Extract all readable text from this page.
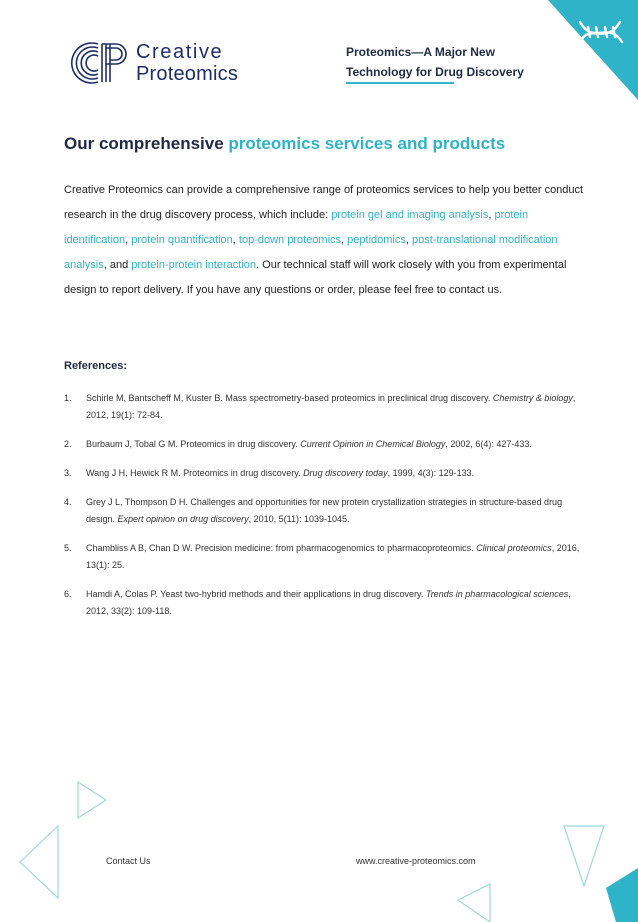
Creative
Proteomics
Proteomics—A Major New Technology for Drug Discovery
Our comprehensive proteomics services and products
Creative Proteomics can provide a comprehensive range of proteomics services to help you better conduct research in the drug discovery process, which include: protein gel and imaging analysis, protein identification, protein quantification, top-down proteomics, peptidomics, post-translational modification analysis, and protein-protein interaction. Our technical staff will work closely with you from experimental design to report delivery. If you have any questions or order, please feel free to contact us.
References:
1. Schirle M, Bantscheff M, Kuster B. Mass spectrometry-based proteomics in preclinical drug discovery. Chemistry & biology, 2012, 19(1): 72-84.
2. Burbaum J, Tobal G M. Proteomics in drug discovery. Current Opinion in Chemical Biology, 2002, 6(4): 427-433.
3. Wang J H, Hewick R M. Proteomics in drug discovery. Drug discovery today, 1999, 4(3): 129-133.
4. Grey J L, Thompson D H. Challenges and opportunities for new protein crystallization strategies in structure-based drug design. Expert opinion on drug discovery, 2010, 5(11): 1039-1045.
5. Chambliss A B, Chan D W. Precision medicine: from pharmacogenomics to pharmacoproteomics. Clinical proteomics, 2016, 13(1): 25.
6. Hamdi A, Colas P. Yeast two-hybrid methods and their applications in drug discovery. Trends in pharmacological sciences, 2012, 33(2): 109-118.
Contact Us	www.creative-proteomics.com
